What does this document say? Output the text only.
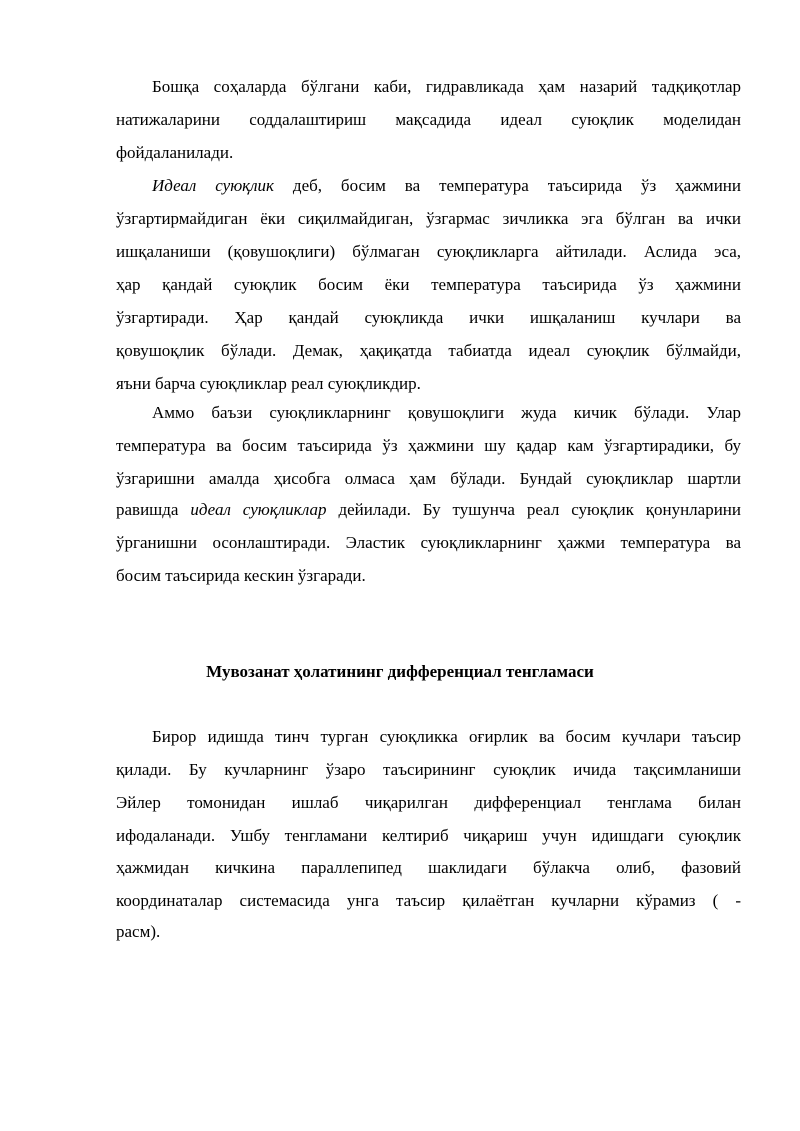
Бошқа соҳаларда бўлгани каби, гидравликада ҳам назарий тадқиқотлар
натижаларини соддалаштириш мақсадида идеал суюқлик моделидан
фойдаланилади.
Идеал суюқлик деб, босим ва температура таъсирида ўз ҳажмини
ўзгартирмайдиган ёки сиқилмайдиган, ўзгармас зичликка эга бўлган ва ички
ишқаланиши (қовушоқлиги) бўлмаган суюқликларга айтилади. Аслида эса,
ҳар қандай суюқлик босим ёки температура таъсирида ўз ҳажмини
ўзгартиради. Ҳар қандай суюқликда ички ишқаланиш кучлари ва
қовушоқлик бўлади. Демак, ҳақиқатда табиатда идеал суюқлик бўлмайди,
яъни барча суюқликлар реал суюқликдир.
Аммо баъзи суюқликларнинг қовушоқлиги жуда кичик бўлади. Улар
температура ва босим таъсирида ўз ҳажмини шу қадар кам ўзгартирадики, бу
ўзгаришни амалда ҳисобга олмаса ҳам бўлади. Бундай суюқликлар шартли
равишда идеал суюқликлар дейилади. Бу тушунча реал суюқлик қонунларини
ўрганишни осонлаштиради. Эластик суюқликларнинг ҳажми температура ва
босим таъсирида кескин ўзгаради.
Мувозанат ҳолатининг дифференциал тенгламаси
Бирор идишда тинч турган суюқликка оғирлик ва босим кучлари таъсир
қилади. Бу кучларнинг ўзаро таъсирининг суюқлик ичида тақсимланиши
Эйлер томонидан ишлаб чиқарилган дифференциал тенглама билан
ифодаланади. Ушбу тенгламани келтириб чиқариш учун идишдаги суюқлик
ҳажмидан кичкина параллепипед шаклидаги бўлакча олиб, фазовий
координаталар системасида унга таъсир қилаётган кучларни кўрамиз ( -
расм).
